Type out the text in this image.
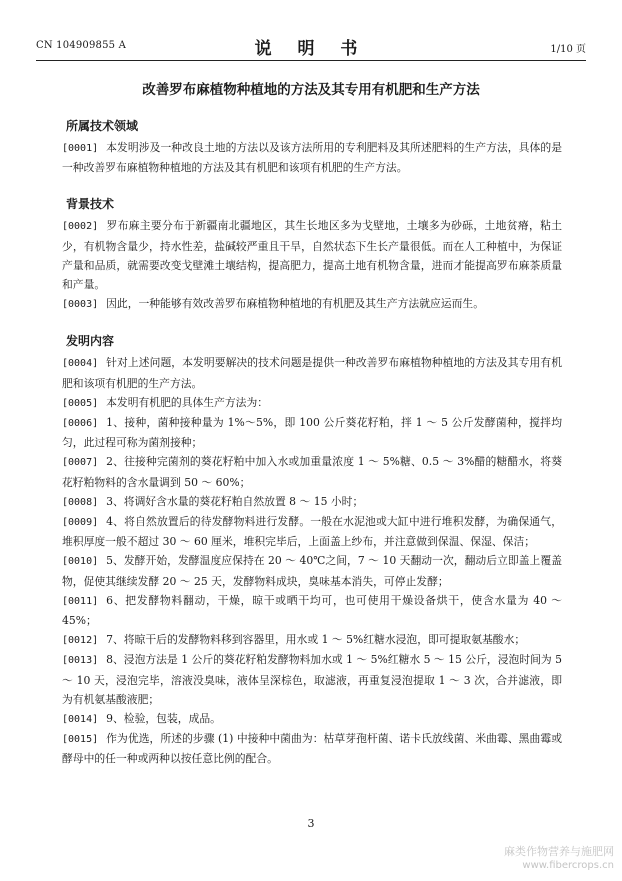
CN 104909855 A	说 明 书	1/10 页
改善罗布麻植物种植地的方法及其专用有机肥和生产方法
所属技术领域

[0001] 本发明涉及一种改良土地的方法以及该方法所用的专利肥料及其所述肥料的生产方法，具体的是一种改善罗布麻植物种植地的方法及其有机肥和该项有机肥的生产方法。

背景技术

[0002] 罗布麻主要分布于新疆南北疆地区，其生长地区多为戈壁地，土壤多为砂砾，土地贫瘠，粘土少，有机物含量少，持水性差，盐碱较严重且干旱，自然状态下生长产量很低。而在人工种植中，为保证产量和品质，就需要改变戈壁滩土壤结构，提高肥力，提高土地有机物含量，进而才能提高罗布麻茶质量和产量。

[0003] 因此，一种能够有效改善罗布麻植物种植地的有机肥及其生产方法就应运而生。

发明内容

[0004] 针对上述问题，本发明要解决的技术问题是提供一种改善罗布麻植物种植地的方法及其专用有机肥和该项有机肥的生产方法。

[0005] 本发明有机肥的具体生产方法为：

[0006] 1、接种，菌种接种量为 1%～5%，即 100 公斤葵花籽粕，拌 1 ～ 5 公斤发酵菌种，搅拌均匀，此过程可称为菌剂接种；

[0007] 2、往接种完菌剂的葵花籽粕中加入水或加重量浓度 1 ～ 5%糖、0.5 ～ 3%醋的糖醋水，将葵花籽粕物料的含水量调到 50 ～ 60%；

[0008] 3、将调好含水量的葵花籽粕自然放置 8 ～ 15 小时；

[0009] 4、将自然放置后的待发酵物料进行发酵。一般在水泥池或大缸中进行堆积发酵，为确保通气，堆积厚度一般不超过 30 ～ 60 厘米，堆积完毕后，上面盖上纱布，并注意做到保温、保湿、保洁；

[0010] 5、发酵开始，发酵温度应保持在 20 ～ 40℃之间，7 ～ 10 天翻动一次，翻动后立即盖上覆盖物，促使其继续发酵 20 ～ 25 天，发酵物料成块，臭味基本消失，可停止发酵；

[0011] 6、把发酵物料翻动，干燥，晾干或晒干均可，也可使用干燥设备烘干，使含水量为 40 ～ 45%；

[0012] 7、将晾干后的发酵物料移到容器里，用水或 1 ～ 5%红糖水浸泡，即可提取氨基酸水；

[0013] 8、浸泡方法是 1 公斤的葵花籽粕发酵物料加水或 1 ～ 5%红糖水 5 ～ 15 公斤，浸泡时间为 5 ～ 10 天，浸泡完毕，溶液没臭味，液体呈深棕色，取滤液，再重复浸泡提取 1 ～ 3 次，合并滤液，即为有机氨基酸液肥；

[0014] 9、检验，包装，成品。

[0015] 作为优选，所述的步骤 (1) 中接种中菌曲为：枯草芽孢杆菌、诺卡氏放线菌、米曲霉、黑曲霉或酵母中的任一种或两种以按任意比例的配合。

3
麻类作物营养与施肥网
www.fibercrops.cn
